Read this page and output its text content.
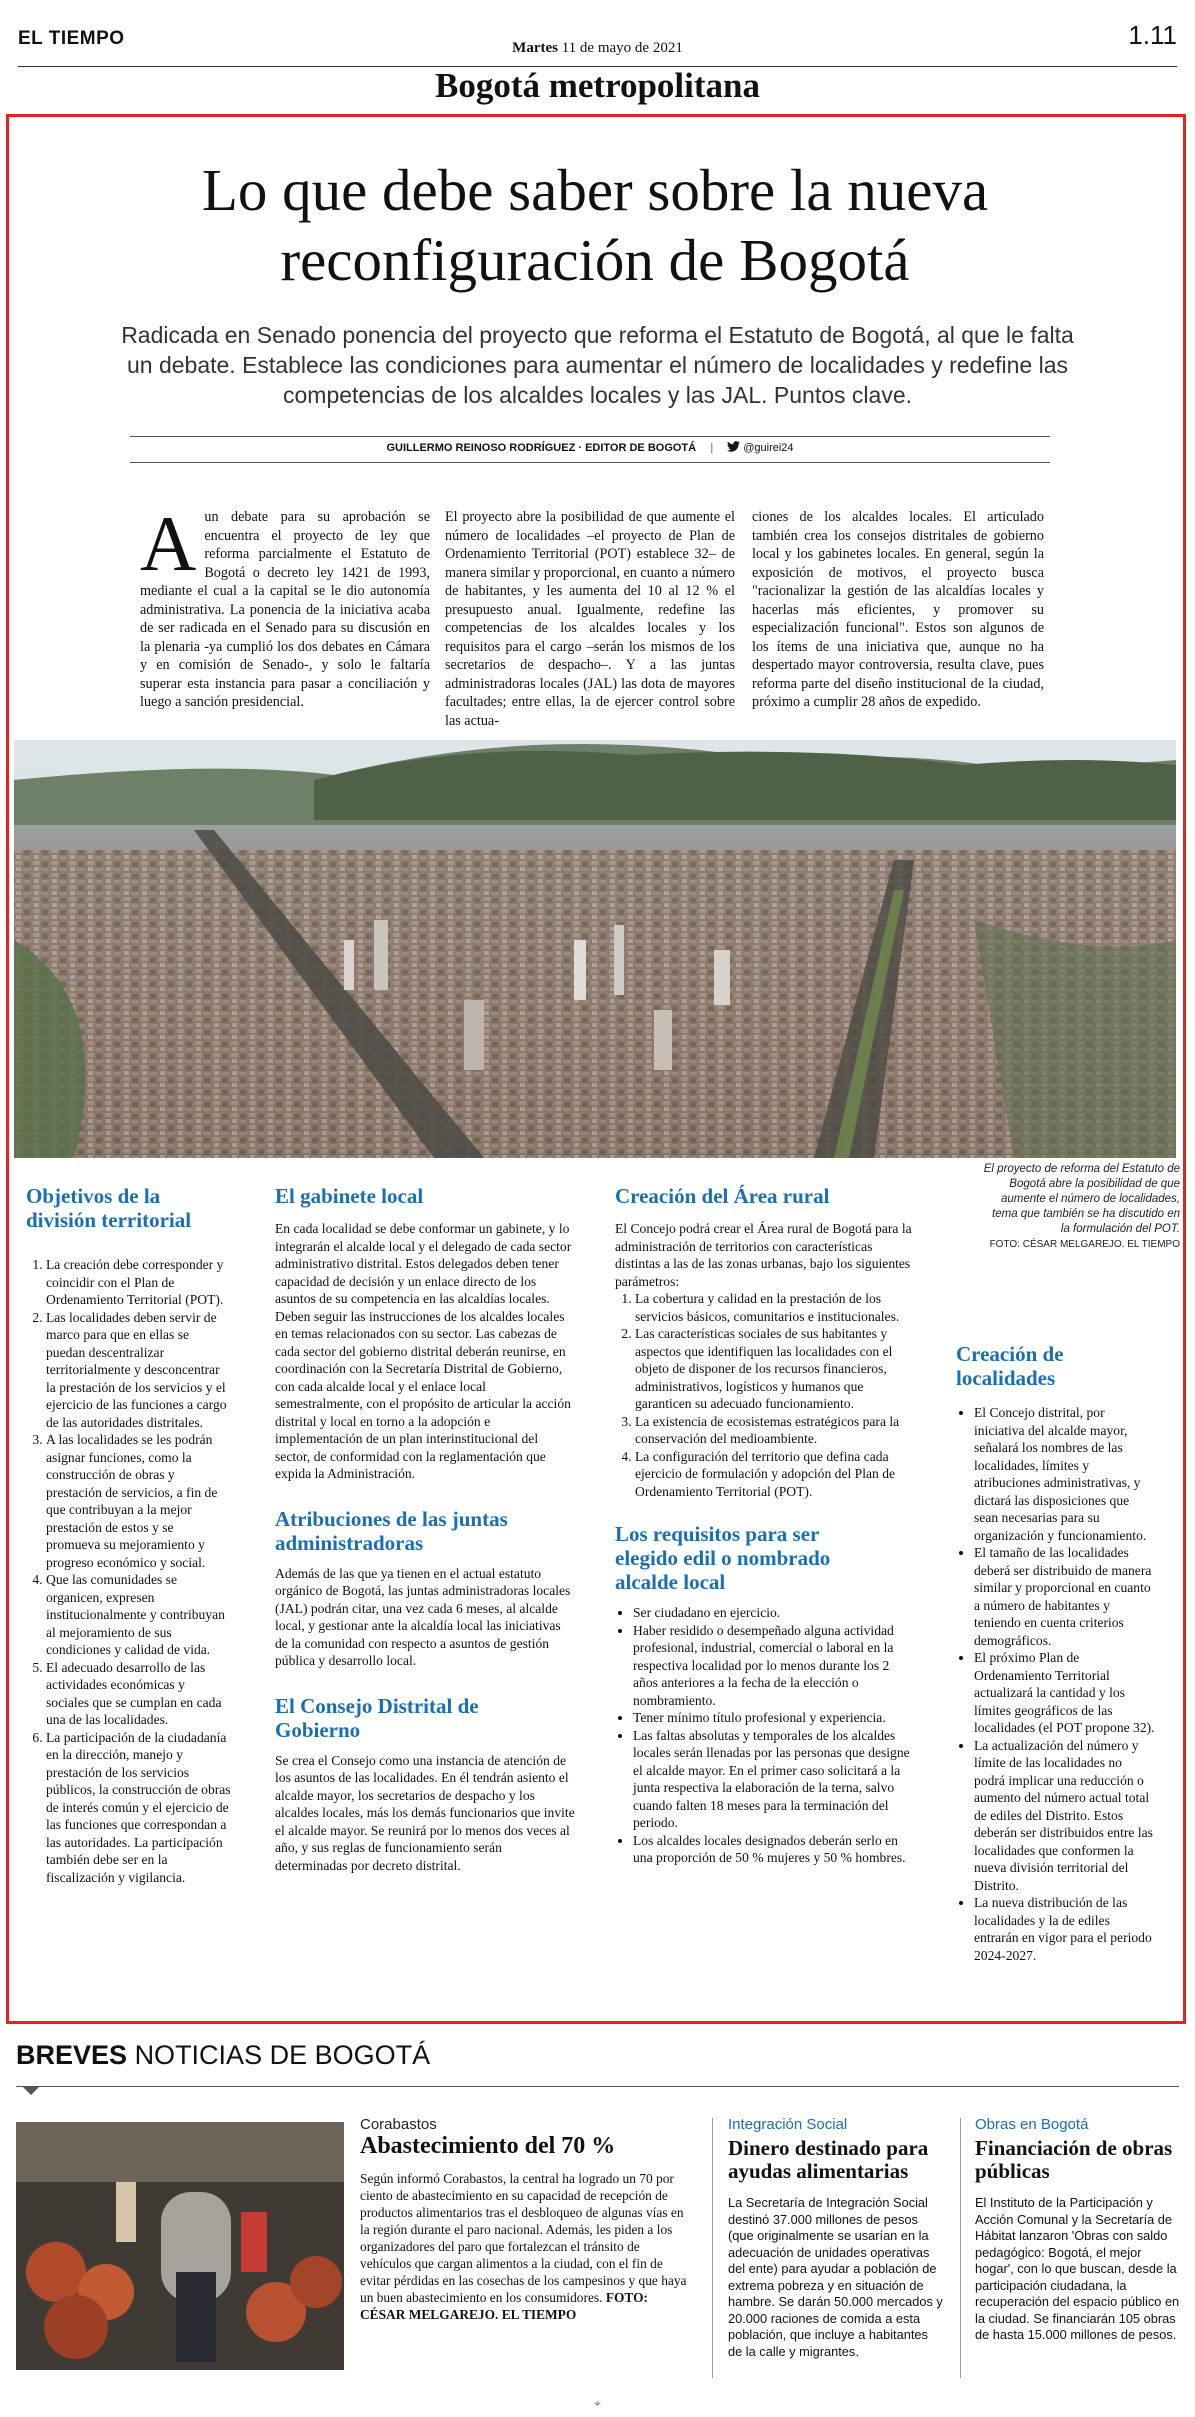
EL TIEMPO	Martes 11 de mayo de 2021	1.11
Bogotá metropolitana
Lo que debe saber sobre la nueva reconfiguración de Bogotá
Radicada en Senado ponencia del proyecto que reforma el Estatuto de Bogotá, al que le falta un debate. Establece las condiciones para aumentar el número de localidades y redefine las competencias de los alcaldes locales y las JAL. Puntos clave.
GUILLERMO REINOSO RODRÍGUEZ · EDITOR DE BOGOTÁ |	@guirei24
Aun debate para su aprobación se encuentra el proyecto de ley que reforma parcialmente el Estatuto de Bogotá o decreto ley 1421 de 1993, mediante el cual a la capital se le dio autonomía administrativa. La ponencia de la iniciativa acaba de ser radicada en el Senado para su discusión en la plenaria -ya cumplió los dos debates en Cámara y en comisión de Senado-, y solo le faltaría superar esta instancia para pasar a conciliación y luego a sanción presidencial.
El proyecto abre la posibilidad de que aumente el número de localidades –el proyecto de Plan de Ordenamiento Territorial (POT) establece 32– de manera similar y proporcional, en cuanto a número de habitantes, y les aumenta del 10 al 12 % el presupuesto anual. Igualmente, redefine las competencias de los alcaldes locales y los requisitos para el cargo –serán los mismos de los secretarios de despacho–. Y a las juntas administradoras locales (JAL) las dota de mayores facultades; entre ellas, la de ejercer control sobre las actua-
ciones de los alcaldes locales. El articulado también crea los consejos distritales de gobierno local y los gabinetes locales. En general, según la exposición de motivos, el proyecto busca "racionalizar la gestión de las alcaldías locales y hacerlas más eficientes, y promover su especialización funcional". Estos son algunos de los ítems de una iniciativa que, aunque no ha despertado mayor controversia, resulta clave, pues reforma parte del diseño institucional de la ciudad, próximo a cumplir 28 años de expedido.
El proyecto de reforma del Estatuto de Bogotá abre la posibilidad de que aumente el número de localidades, tema que también se ha discutido en la formulación del POT.
FOTO: CÉSAR MELGAREJO. EL TIEMPO
Objetivos de la división territorial
1. La creación debe corresponder y coincidir con el Plan de Ordenamiento Territorial (POT).
2. Las localidades deben servir de marco para que en ellas se puedan descentralizar territorialmente y desconcentrar la prestación de los servicios y el ejercicio de las funciones a cargo de las autoridades distritales.
3. A las localidades se les podrán asignar funciones, como la construcción de obras y prestación de servicios, a fin de que contribuyan a la mejor prestación de estos y se promueva su mejoramiento y progreso económico y social.
4. Que las comunidades se organicen, expresen institucionalmente y contribuyan al mejoramiento de sus condiciones y calidad de vida.
5. El adecuado desarrollo de las actividades económicas y sociales que se cumplan en cada una de las localidades.
6. La participación de la ciudadanía en la dirección, manejo y prestación de los servicios públicos, la construcción de obras de interés común y el ejercicio de las funciones que correspondan a las autoridades. La participación también debe ser en la fiscalización y vigilancia.
El gabinete local
En cada localidad se debe conformar un gabinete, y lo integrarán el alcalde local y el delegado de cada sector administrativo distrital. Estos delegados deben tener capacidad de decisión y un enlace directo de los asuntos de su competencia en las alcaldías locales. Deben seguir las instrucciones de los alcaldes locales en temas relacionados con su sector. Las cabezas de cada sector del gobierno distrital deberán reunirse, en coordinación con la Secretaría Distrital de Gobierno, con cada alcalde local y el enlace local semestralmente, con el propósito de articular la acción distrital y local en torno a la adopción e implementación de un plan interinstitucional del sector, de conformidad con la reglamentación que expida la Administración.
Atribuciones de las juntas administradoras
Además de las que ya tienen en el actual estatuto orgánico de Bogotá, las juntas administradoras locales (JAL) podrán citar, una vez cada 6 meses, al alcalde local, y gestionar ante la alcaldía local las iniciativas de la comunidad con respecto a asuntos de gestión pública y desarrollo local.
El Consejo Distrital de Gobierno
Se crea el Consejo como una instancia de atención de los asuntos de las localidades. En él tendrán asiento el alcalde mayor, los secretarios de despacho y los alcaldes locales, más los demás funcionarios que invite el alcalde mayor. Se reunirá por lo menos dos veces al año, y sus reglas de funcionamiento serán determinadas por decreto distrital.
Creación del Área rural
El Concejo podrá crear el Área rural de Bogotá para la administración de territorios con características distintas a las de las zonas urbanas, bajo los siguientes parámetros:
1. La cobertura y calidad en la prestación de los servicios básicos, comunitarios e institucionales.
2. Las características sociales de sus habitantes y aspectos que identifiquen las localidades con el objeto de disponer de los recursos financieros, administrativos, logísticos y humanos que garanticen su adecuado funcionamiento.
3. La existencia de ecosistemas estratégicos para la conservación del medioambiente.
4. La configuración del territorio que defina cada ejercicio de formulación y adopción del Plan de Ordenamiento Territorial (POT).
Los requisitos para ser elegido edil o nombrado alcalde local
• Ser ciudadano en ejercicio.
• Haber residido o desempeñado alguna actividad profesional, industrial, comercial o laboral en la respectiva localidad por lo menos durante los 2 años anteriores a la fecha de la elección o nombramiento.
• Tener mínimo título profesional y experiencia.
• Las faltas absolutas y temporales de los alcaldes locales serán llenadas por las personas que designe el alcalde mayor. En el primer caso solicitará a la junta respectiva la elaboración de la terna, salvo cuando falten 18 meses para la terminación del periodo.
• Los alcaldes locales designados deberán serlo en una proporción de 50 % mujeres y 50 % hombres.
Creación de localidades
• El Concejo distrital, por iniciativa del alcalde mayor, señalará los nombres de las localidades, límites y atribuciones administrativas, y dictará las disposiciones que sean necesarias para su organización y funcionamiento.
• El tamaño de las localidades deberá ser distribuido de manera similar y proporcional en cuanto a número de habitantes y teniendo en cuenta criterios demográficos.
• El próximo Plan de Ordenamiento Territorial actualizará la cantidad y los límites geográficos de las localidades (el POT propone 32).
• La actualización del número y límite de las localidades no podrá implicar una reducción o aumento del número actual total de ediles del Distrito. Estos deberán ser distribuidos entre las localidades que conformen la nueva división territorial del Distrito.
• La nueva distribución de las localidades y la de ediles entrarán en vigor para el periodo 2024-2027.
BREVES NOTICIAS DE BOGOTÁ
Corabastos
Abastecimiento del 70 %
Según informó Corabastos, la central ha logrado un 70 por ciento de abastecimiento en su capacidad de recepción de productos alimentarios tras el desbloqueo de algunas vías en la región durante el paro nacional. Además, les piden a los organizadores del paro que fortalezcan el tránsito de vehículos que cargan alimentos a la ciudad, con el fin de evitar pérdidas en las cosechas de los campesinos y que haya un buen abastecimiento en los consumidores. FOTO: CÉSAR MELGAREJO. EL TIEMPO
Integración Social
Dinero destinado para ayudas alimentarias
La Secretaría de Integración Social destinó 37.000 millones de pesos (que originalmente se usarían en la adecuación de unidades operativas del ente) para ayudar a población de extrema pobreza y en situación de hambre. Se darán 50.000 mercados y 20.000 raciones de comida a esta población, que incluye a habitantes de la calle y migrantes.
Obras en Bogotá
Financiación de obras públicas
El Instituto de la Participación y Acción Comunal y la Secretaría de Hábitat lanzaron 'Obras con saldo pedagógico: Bogotá, el mejor hogar', con lo que buscan, desde la participación ciudadana, la recuperación del espacio público en la ciudad. Se financiarán 105 obras de hasta 15.000 millones de pesos.
⌖
